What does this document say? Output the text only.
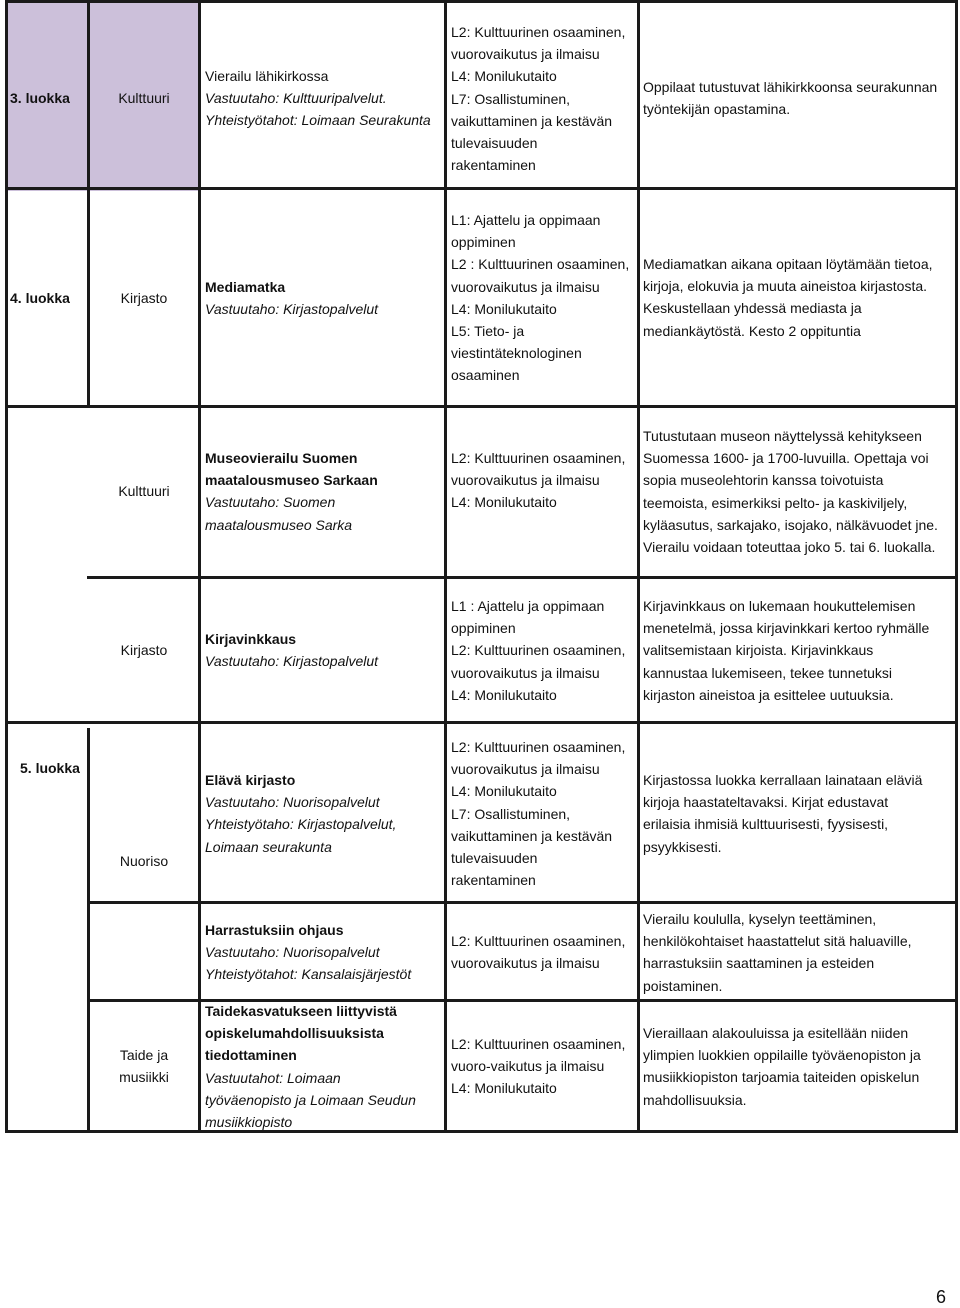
3. luokka	Kulttuuri
Vierailu lähikirkossa
Vastuutaho: Kulttuuripalvelut.
Yhteistyötahot: Loimaan Seurakunta
L2: Kulttuurinen osaaminen,
vuorovaikutus ja ilmaisu
L4: Monilukutaito
L7: Osallistuminen,
vaikuttaminen ja kestävän
tulevaisuuden
rakentaminen
Oppilaat tutustuvat lähikirkkoonsa seurakunnan
työntekijän opastamina.
4. luokka	Kirjasto
Mediamatka
Vastuutaho: Kirjastopalvelut
L1: Ajattelu ja oppimaan
oppiminen
L2 : Kulttuurinen osaaminen,
vuorovaikutus ja ilmaisu
L4: Monilukutaito
L5: Tieto- ja
viestintäteknologinen
osaaminen
Mediamatkan aikana opitaan löytämään tietoa,
kirjoja, elokuvia ja muuta aineistoa kirjastosta.
Keskustellaan yhdessä mediasta ja
mediankäytöstä. Kesto 2 oppituntia
Kulttuuri
Museovierailu Suomen
maatalousmuseo Sarkaan
Vastuutaho: Suomen
maatalousmuseo Sarka
L2: Kulttuurinen osaaminen,
vuorovaikutus ja ilmaisu
L4: Monilukutaito
Tutustutaan museon näyttelyssä kehitykseen
Suomessa 1600- ja 1700-luvuilla. Opettaja voi
sopia museolehtorin kanssa toivotuista
teemoista, esimerkiksi pelto- ja kaskiviljely,
kyläasutus, sarkajako, isojako, nälkävuodet jne.
Vierailu voidaan toteuttaa joko 5. tai 6. luokalla.
Kirjasto
Kirjavinkkaus
Vastuutaho: Kirjastopalvelut
L1 : Ajattelu ja oppimaan
oppiminen
L2: Kulttuurinen osaaminen,
vuorovaikutus ja ilmaisu
L4: Monilukutaito
Kirjavinkkaus on lukemaan houkuttelemisen
menetelmä, jossa kirjavinkkari kertoo ryhmälle
valitsemistaan kirjoista. Kirjavinkkaus
kannustaa lukemiseen, tekee tunnetuksi
kirjaston aineistoa ja esittelee uutuuksia.
5. luokka
Nuoriso
Elävä kirjasto
Vastuutaho: Nuorisopalvelut
Yhteistyötaho: Kirjastopalvelut,
Loimaan seurakunta
L2: Kulttuurinen osaaminen,
vuorovaikutus ja ilmaisu
L4: Monilukutaito
L7: Osallistuminen,
vaikuttaminen ja kestävän
tulevaisuuden
rakentaminen
Kirjastossa luokka kerrallaan lainataan eläviä
kirjoja haastateltavaksi. Kirjat edustavat
erilaisia ihmisiä kulttuurisesti, fyysisesti,
psyykkisesti.
Harrastuksiin ohjaus
Vastuutaho: Nuorisopalvelut
Yhteistyötahot: Kansalaisjärjestöt
L2: Kulttuurinen osaaminen,
vuorovaikutus ja ilmaisu
Vierailu koululla, kyselyn teettäminen,
henkilökohtaiset haastattelut sitä haluaville,
harrastuksiin saattaminen ja esteiden
poistaminen.
Taide ja
musiikki
Taidekasvatukseen liittyvistä
opiskelumahdollisuuksista
tiedottaminen
Vastuutahot: Loimaan
työväenopisto ja Loimaan Seudun
musiikkiopisto
L2: Kulttuurinen osaaminen,
vuoro-vaikutus ja ilmaisu
L4: Monilukutaito
Vieraillaan alakouluissa ja esitellään niiden
ylimpien luokkien oppilaille työväenopiston ja
musiikkiopiston tarjoamia taiteiden opiskelun
mahdollisuuksia.
6
